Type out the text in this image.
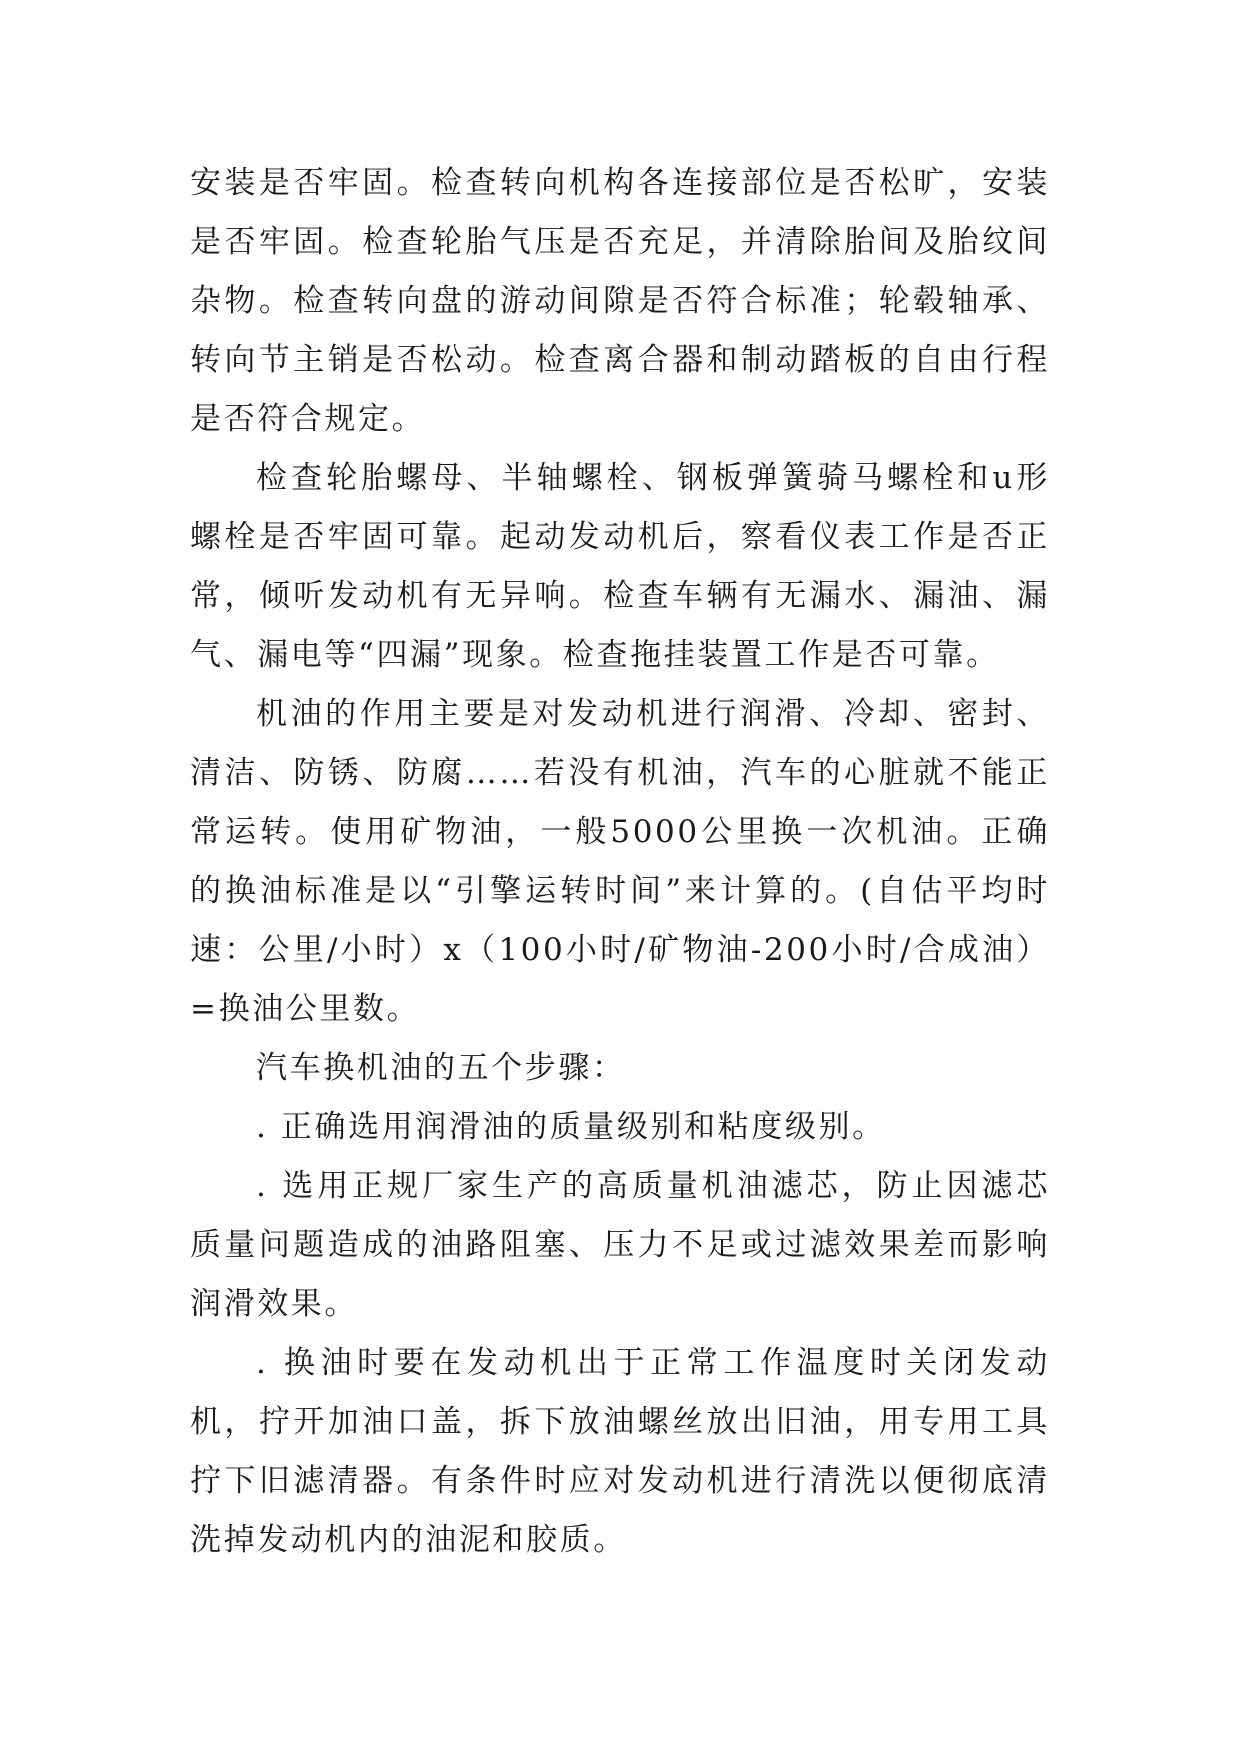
安装是否牢固。检查转向机构各连接部位是否松旷，安装是否牢固。检查轮胎气压是否充足，并清除胎间及胎纹间杂物。检查转向盘的游动间隙是否符合标准；轮毂轴承、转向节主销是否松动。检查离合器和制动踏板的自由行程是否符合规定。

检查轮胎螺母、半轴螺栓、钢板弹簧骑马螺栓和u形螺栓是否牢固可靠。起动发动机后，察看仪表工作是否正常，倾听发动机有无异响。检查车辆有无漏水、漏油、漏气、漏电等“四漏”现象。检查拖挂装置工作是否可靠。

机油的作用主要是对发动机进行润滑、冷却、密封、清洁、防锈、防腐……若没有机油，汽车的心脏就不能正常运转。使用矿物油，一般5000公里换一次机油。正确的换油标准是以“引擎运转时间”来计算的。(自估平均时速：公里/小时）x（100小时/矿物油-200小时/合成油）=换油公里数。

汽车换机油的五个步骤：

. 正确选用润滑油的质量级别和粘度级别。

. 选用正规厂家生产的高质量机油滤芯，防止因滤芯质量问题造成的油路阻塞、压力不足或过滤效果差而影响润滑效果。

. 换油时要在发动机出于正常工作温度时关闭发动机，拧开加油口盖，拆下放油螺丝放出旧油，用专用工具拧下旧滤清器。有条件时应对发动机进行清洗以便彻底清洗掉发动机内的油泥和胶质。
